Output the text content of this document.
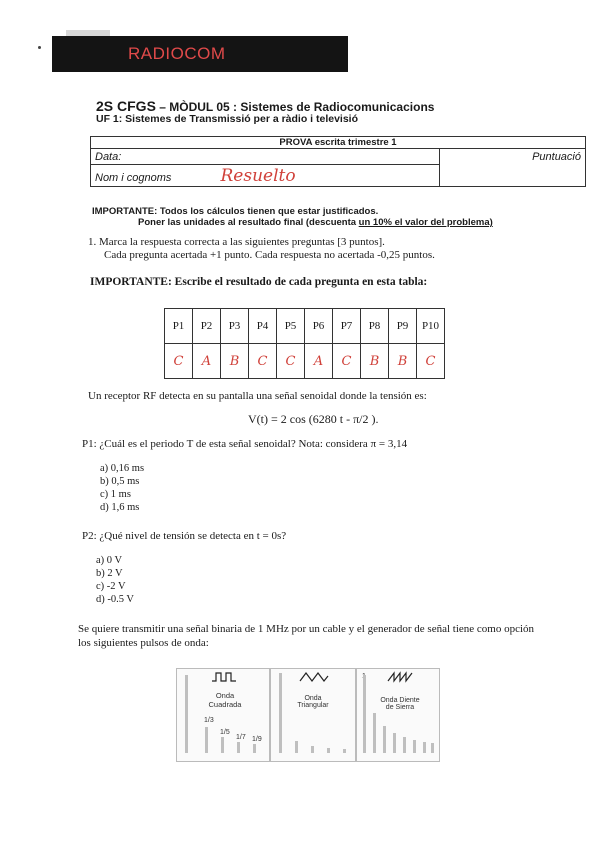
RADIOCOM
2S CFGS – MÒDUL 05 : Sistemes de Radiocomunicacions
UF 1: Sistemes de Transmissió per a ràdio i televisió
PROVA escrita trimestre 1
Data:	Puntuació
Nom i cognoms	Resuelto
IMPORTANTE: Todos los cálculos tienen que estar justificados.
Poner las unidades al resultado final (descuenta un 10% el valor del problema)
1. Marca la respuesta correcta a las siguientes preguntas [3 puntos].
Cada pregunta acertada +1 punto. Cada respuesta no acertada -0,25 puntos.
IMPORTANTE: Escribe el resultado de cada pregunta en esta tabla:
P1	P2	P3	P4	P5	P6	P7	P8	P9	P10
C	A	B	C	C	A	C	B	B	C
Un receptor RF detecta en su pantalla una señal senoidal donde la tensión es:
V(t) = 2 cos (6280 t - π/2 ).
P1: ¿Cuál es el periodo T de esta señal senoidal? Nota: considera π = 3,14
a) 0,16 ms
b) 0,5 ms
c) 1 ms
d) 1,6 ms
P2: ¿Qué nivel de tensión se detecta en t = 0s?
a) 0 V
b) 2 V
c) -2 V
d) -0.5 V
Se quiere transmitir una señal binaria de 1 MHz por un cable y el generador de señal tiene como opción los siguientes pulsos de onda:
Onda
Cuadrada
1/3
1/5
1/7 1/9
Onda
Triangular
Onda Diente
de Sierra
